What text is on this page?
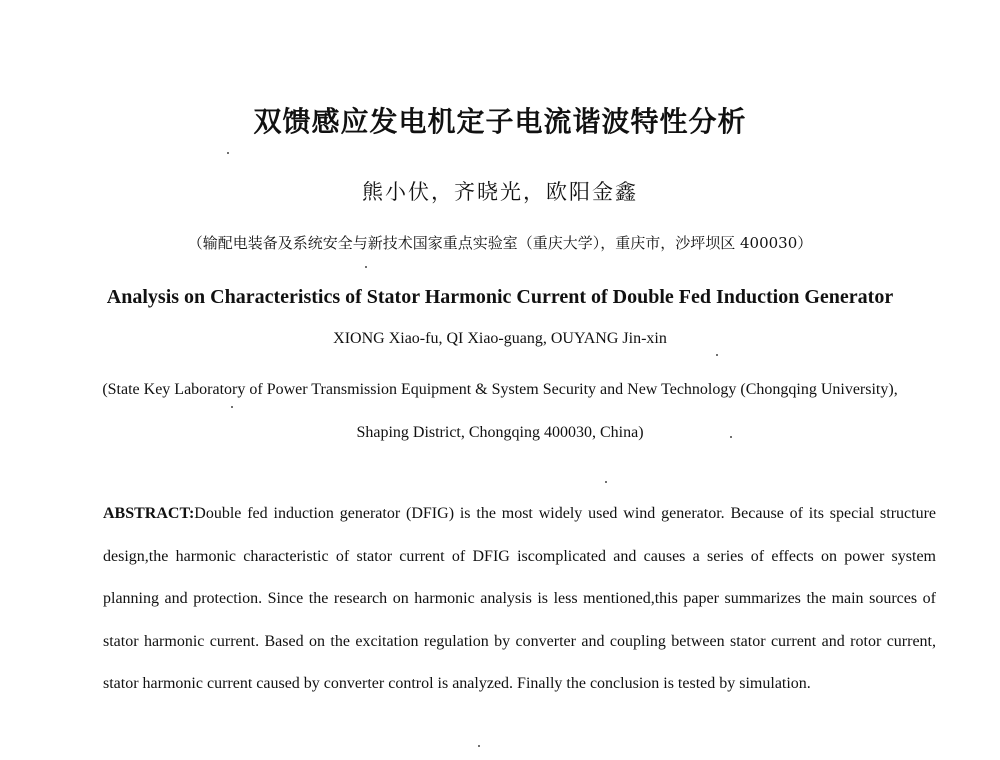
双馈感应发电机定子电流谐波特性分析
熊小伏，齐晓光，欧阳金鑫
（输配电装备及系统安全与新技术国家重点实验室（重庆大学），重庆市，沙坪坝区 400030）
Analysis on Characteristics of Stator Harmonic Current of Double Fed Induction Generator
XIONG Xiao-fu, QI Xiao-guang, OUYANG Jin-xin
(State Key Laboratory of Power Transmission Equipment & System Security and New Technology (Chongqing University), Shaping District, Chongqing 400030, China)
ABSTRACT:Double fed induction generator (DFIG) is the most widely used wind generator. Because of its special structure design,the harmonic characteristic of stator current of DFIG iscomplicated and causes a series of effects on power system planning and protection. Since the research on harmonic analysis is less mentioned,this paper summarizes the main sources of stator harmonic current. Based on the excitation regulation by converter and coupling between stator current and rotor current, stator harmonic current caused by converter control is analyzed. Finally the conclusion is tested by simulation.
